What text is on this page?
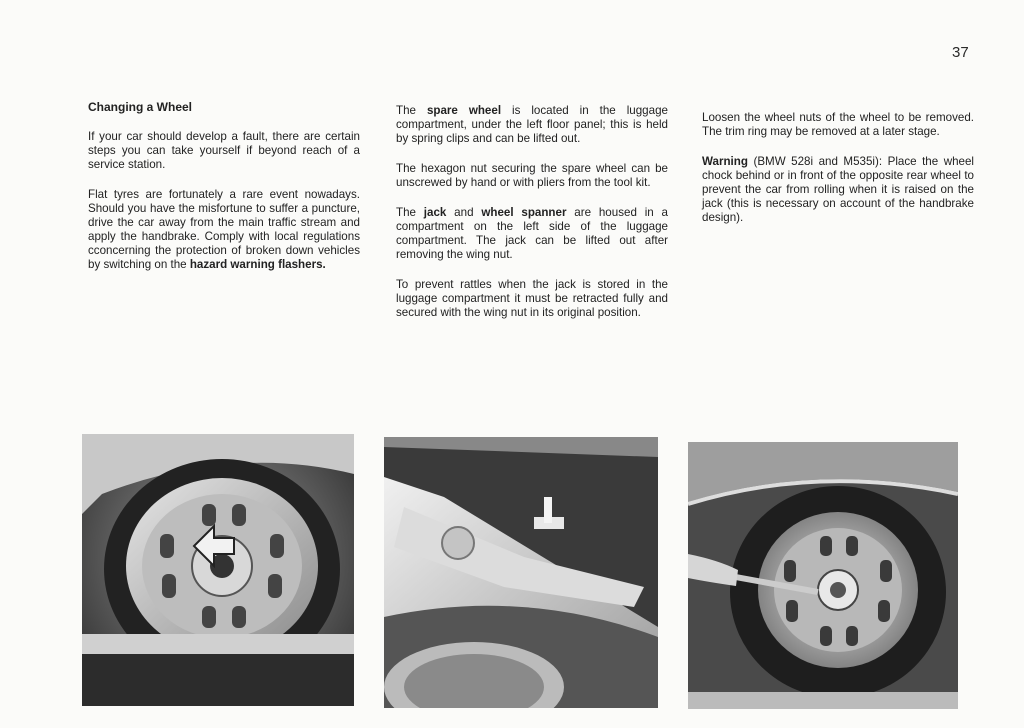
37
Changing a Wheel

If your car should develop a fault, there are certain steps you can take yourself if beyond reach of a service station.

Flat tyres are fortunately a rare event nowadays. Should you have the misfortune to suffer a puncture, drive the car away from the main traffic stream and apply the handbrake. Comply with local regulations cconcerning the protection of broken down vehicles by switching on the hazard warning flashers.

The spare wheel is located in the luggage compartment, under the left floor panel; this is held by spring clips and can be lifted out.

The hexagon nut securing the spare wheel can be unscrewed by hand or with pliers from the tool kit.

The jack and wheel spanner are housed in a compartment on the left side of the luggage compartment. The jack can be lifted out after removing the wing nut.

To prevent rattles when the jack is stored in the luggage compartment it must be retracted fully and secured with the wing nut in its original position.

Loosen the wheel nuts of the wheel to be removed. The trim ring may be removed at a later stage.

Warning (BMW 528i and M535i): Place the wheel chock behind or in front of the opposite rear wheel to prevent the car from rolling when it is raised on the jack (this is necessary on account of the handbrake design).
